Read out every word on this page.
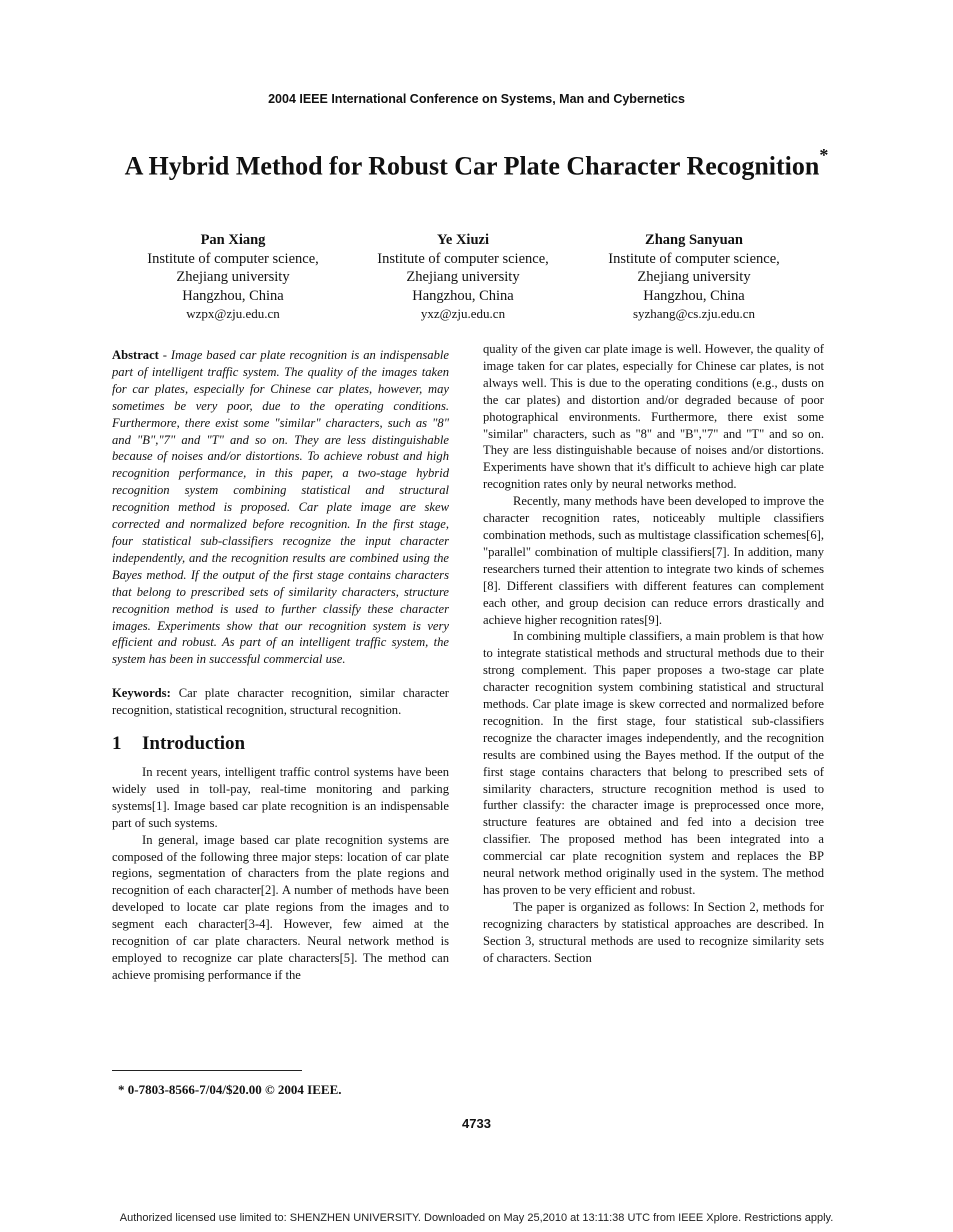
2004 IEEE International Conference on Systems, Man and Cybernetics
A Hybrid Method for Robust Car Plate Character Recognition*
Pan Xiang
Institute of computer science,
Zhejiang university
Hangzhou, China
wzpx@zju.edu.cn
Ye Xiuzi
Institute of computer science,
Zhejiang university
Hangzhou, China
yxz@zju.edu.cn
Zhang Sanyuan
Institute of computer science,
Zhejiang university
Hangzhou, China
syzhang@cs.zju.edu.cn

Abstract - Image based car plate recognition is an indispensable part of intelligent traffic system. The quality of the images taken for car plates, especially for Chinese car plates, however, may sometimes be very poor, due to the operating conditions. Furthermore, there exist some "similar" characters, such as "8" and "B","7" and "T" and so on. They are less distinguishable because of noises and/or distortions. To achieve robust and high recognition performance, in this paper, a two-stage hybrid recognition system combining statistical and structural recognition method is proposed. Car plate image are skew corrected and normalized before recognition. In the first stage, four statistical sub-classifiers recognize the input character independently, and the recognition results are combined using the Bayes method. If the output of the first stage contains characters that belong to prescribed sets of similarity characters, structure recognition method is used to further classify these character images. Experiments show that our recognition system is very efficient and robust. As part of an intelligent traffic system, the system has been in successful commercial use.

Keywords: Car plate character recognition, similar character recognition, statistical recognition, structural recognition.

1 Introduction

In recent years, intelligent traffic control systems have been widely used in toll-pay, real-time monitoring and parking systems[1]. Image based car plate recognition is an indispensable part of such systems.

In general, image based car plate recognition systems are composed of the following three major steps: location of car plate regions, segmentation of characters from the plate regions and recognition of each character[2]. A number of methods have been developed to locate car plate regions from the images and to segment each character[3-4]. However, few aimed at the recognition of car plate characters. Neural network method is employed to recognize car plate characters[5]. The method can achieve promising performance if the

quality of the given car plate image is well. However, the quality of image taken for car plates, especially for Chinese car plates, is not always well. This is due to the operating conditions (e.g., dusts on the car plates) and distortion and/or degraded because of poor photographical environments. Furthermore, there exist some "similar" characters, such as "8" and "B","7" and "T" and so on. They are less distinguishable because of noises and/or distortions. Experiments have shown that it's difficult to achieve high car plate recognition rates only by neural networks method.

Recently, many methods have been developed to improve the character recognition rates, noticeably multiple classifiers combination methods, such as multistage classification schemes[6], "parallel" combination of multiple classifiers[7]. In addition, many researchers turned their attention to integrate two kinds of schemes [8]. Different classifiers with different features can complement each other, and group decision can reduce errors drastically and achieve higher recognition rates[9].

In combining multiple classifiers, a main problem is that how to integrate statistical methods and structural methods due to their strong complement. This paper proposes a two-stage car plate character recognition system combining statistical and structural methods. Car plate image is skew corrected and normalized before recognition. In the first stage, four statistical sub-classifiers recognize the character images independently, and the recognition results are combined using the Bayes method. If the output of the first stage contains characters that belong to prescribed sets of similarity characters, structure recognition method is used to further classify: the character image is preprocessed once more, structure features are obtained and fed into a decision tree classifier. The proposed method has been integrated into a commercial car plate recognition system and replaces the BP neural network method originally used in the system. The method has proven to be very efficient and robust.

The paper is organized as follows: In Section 2, methods for recognizing characters by statistical approaches are described. In Section 3, structural methods are used to recognize similarity sets of characters. Section

* 0-7803-8566-7/04/$20.00 © 2004 IEEE.
4733
Authorized licensed use limited to: SHENZHEN UNIVERSITY. Downloaded on May 25,2010 at 13:11:38 UTC from IEEE Xplore. Restrictions apply.
